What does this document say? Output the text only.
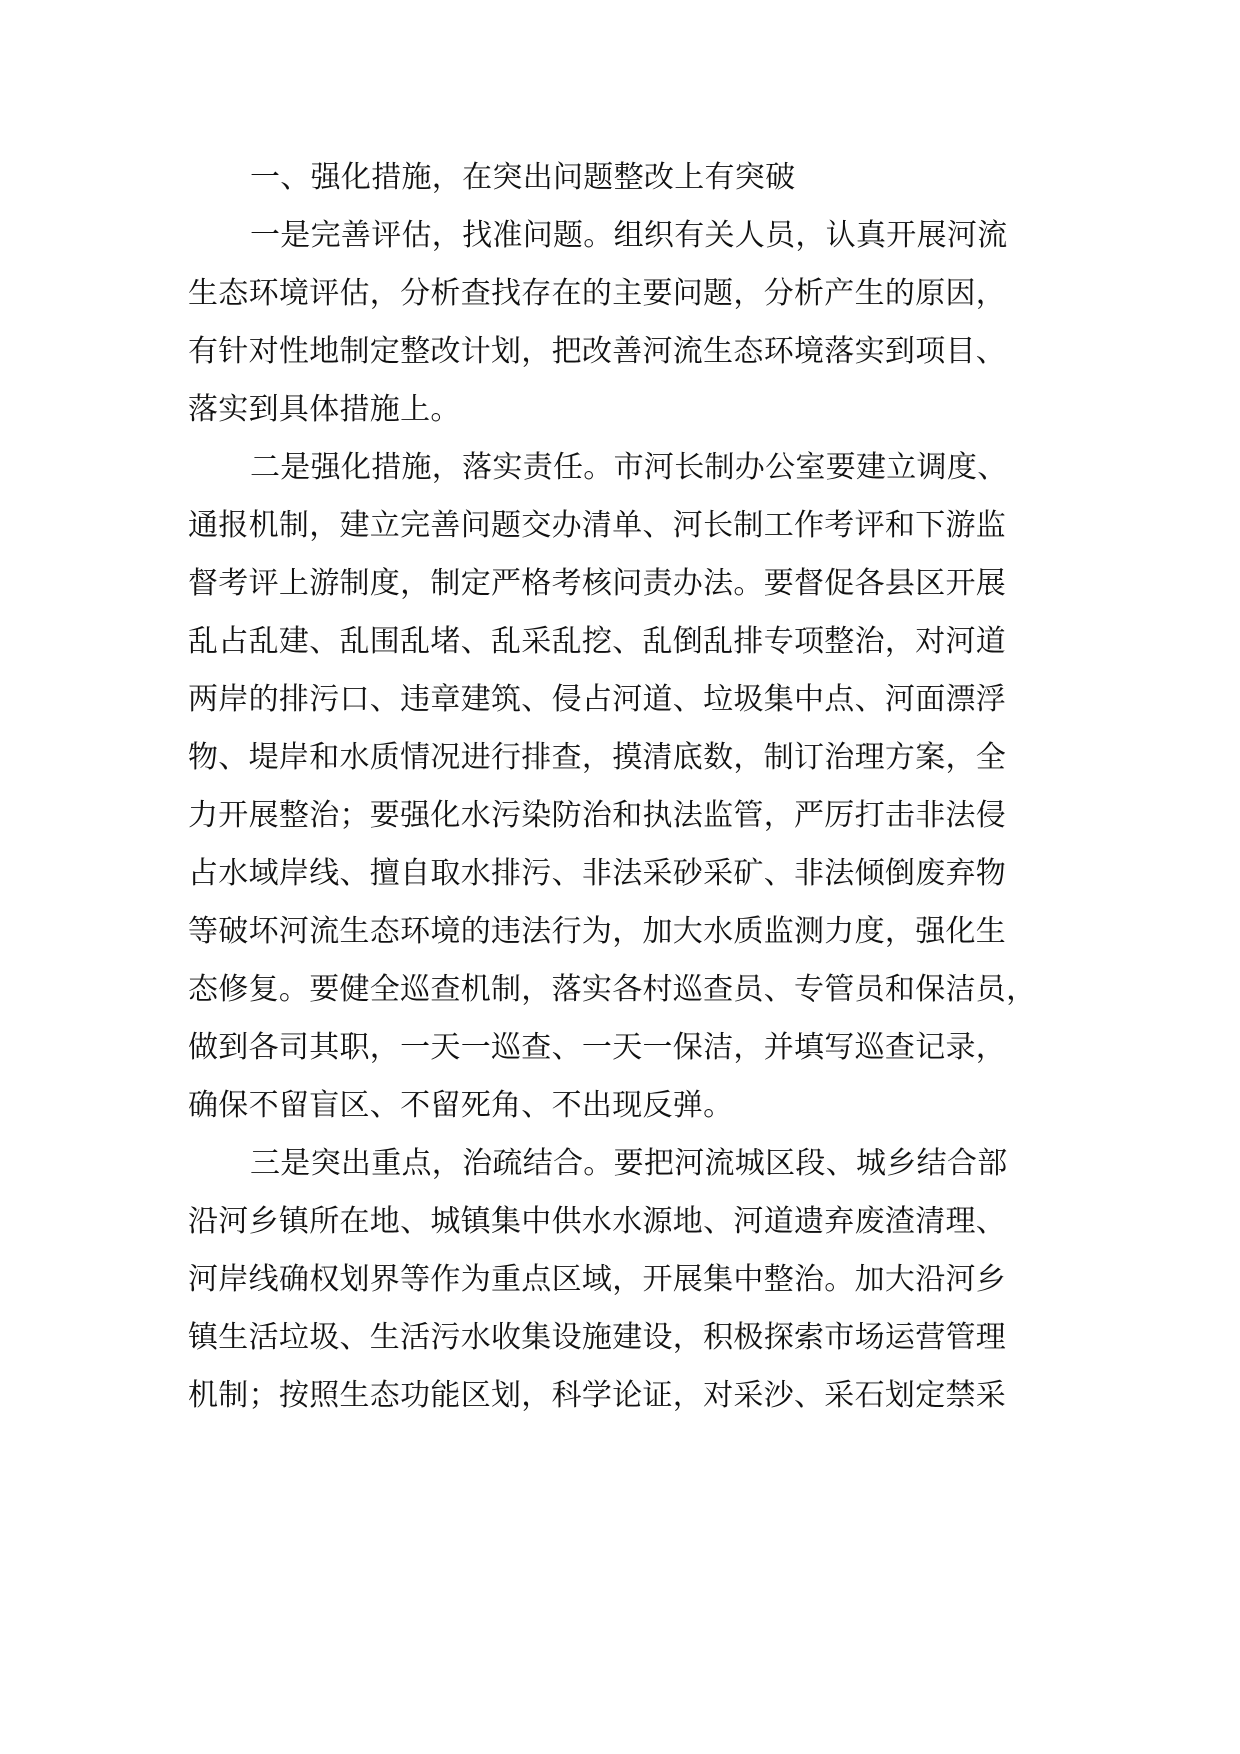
一、强化措施，在突出问题整改上有突破
一是完善评估，找准问题。组织有关人员，认真开展河流
生态环境评估，分析查找存在的主要问题，分析产生的原因，
有针对性地制定整改计划，把改善河流生态环境落实到项目、
落实到具体措施上。
二是强化措施，落实责任。市河长制办公室要建立调度、
通报机制，建立完善问题交办清单、河长制工作考评和下游监
督考评上游制度，制定严格考核问责办法。要督促各县区开展
乱占乱建、乱围乱堵、乱采乱挖、乱倒乱排专项整治，对河道
两岸的排污口、违章建筑、侵占河道、垃圾集中点、河面漂浮
物、堤岸和水质情况进行排查，摸清底数，制订治理方案，全
力开展整治；要强化水污染防治和执法监管，严厉打击非法侵
占水域岸线、擅自取水排污、非法采砂采矿、非法倾倒废弃物
等破坏河流生态环境的违法行为，加大水质监测力度，强化生
态修复。要健全巡查机制，落实各村巡查员、专管员和保洁员，
做到各司其职，一天一巡查、一天一保洁，并填写巡查记录，
确保不留盲区、不留死角、不出现反弹。
三是突出重点，治疏结合。要把河流城区段、城乡结合部
沿河乡镇所在地、城镇集中供水水源地、河道遗弃废渣清理、
河岸线确权划界等作为重点区域，开展集中整治。加大沿河乡
镇生活垃圾、生活污水收集设施建设，积极探索市场运营管理
机制；按照生态功能区划，科学论证，对采沙、采石划定禁采
